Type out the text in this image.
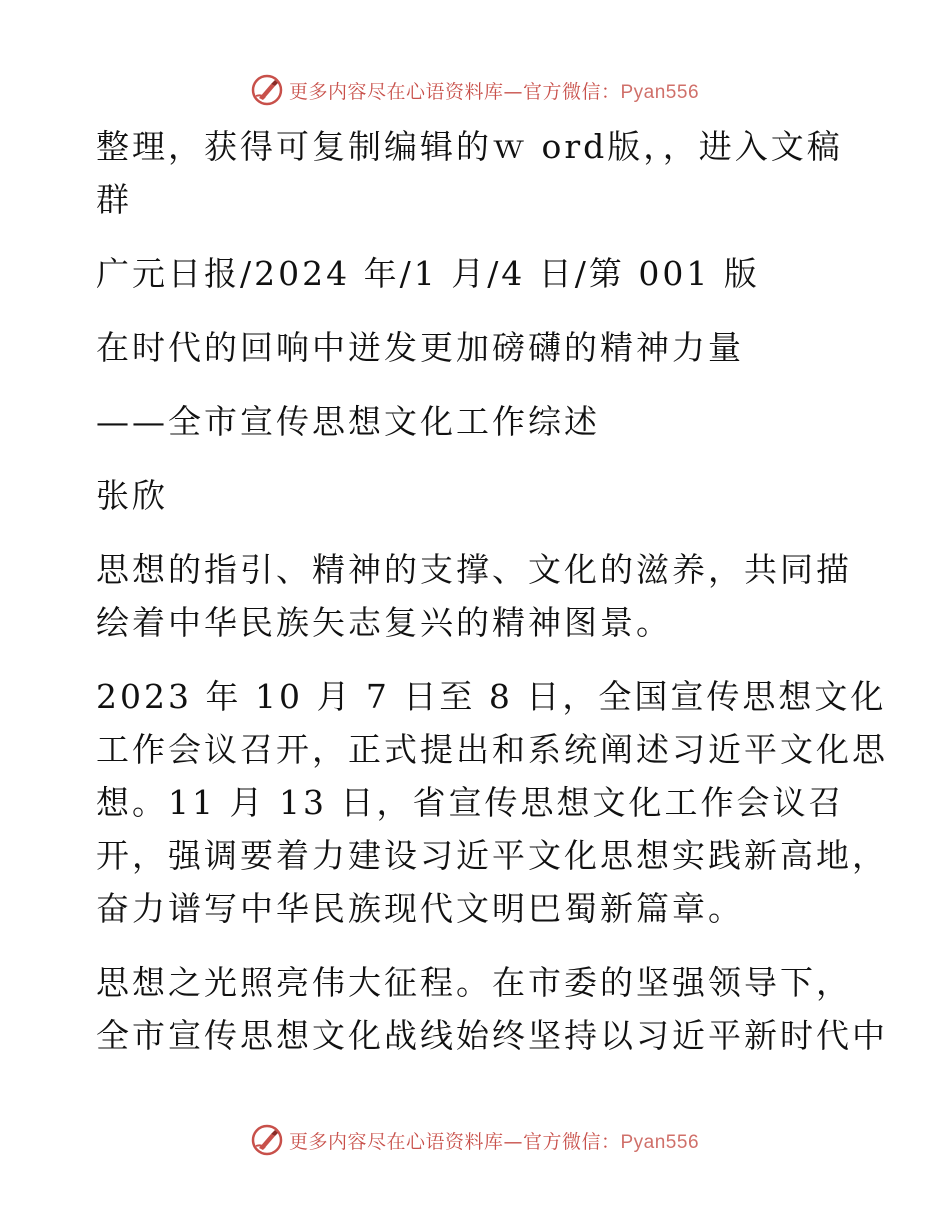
更多内容尽在心语资料库—官方微信：Pyan556
整理，获得可复制编辑的ｗ ord版，，进入文稿
群
广元日报/2024 年/1 月/4 日/第 001 版
在时代的回响中迸发更加磅礴的精神力量
——全市宣传思想文化工作综述
张欣
思想的指引、精神的支撑、文化的滋养，共同描
绘着中华民族矢志复兴的精神图景。
2023 年 10 月 7 日至 8 日，全国宣传思想文化
工作会议召开，正式提出和系统阐述习近平文化思
想。11 月 13 日，省宣传思想文化工作会议召
开，强调要着力建设习近平文化思想实践新高地，
奋力谱写中华民族现代文明巴蜀新篇章。
思想之光照亮伟大征程。在市委的坚强领导下，
全市宣传思想文化战线始终坚持以习近平新时代中
更多内容尽在心语资料库—官方微信：Pyan556
